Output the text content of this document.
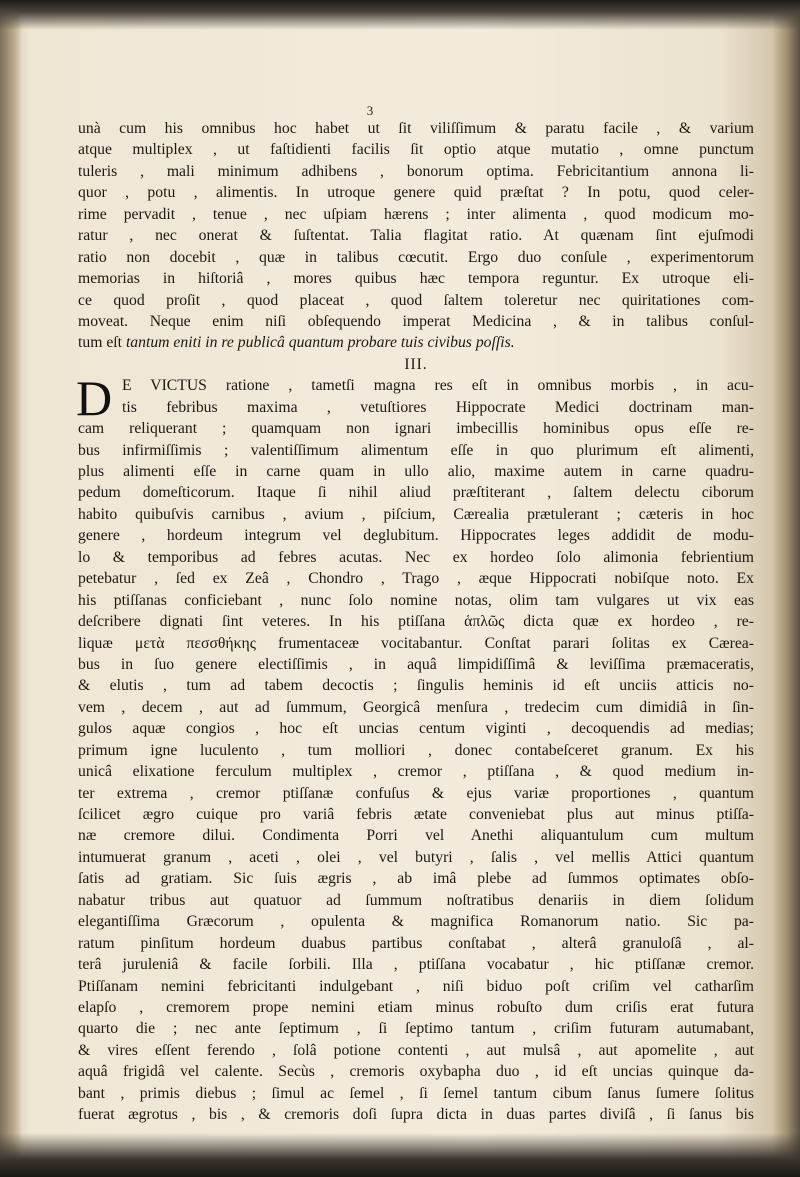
3
unà cum his omnibus hoc habet ut ſit viliſſimum & paratu facile , & varium
atque multiplex , ut faſtidienti facilis ſit optio atque mutatio , omne punctum
tuleris , mali minimum adhibens , bonorum optima. Febricitantium annona li-
quor , potu , alimentis. In utroque genere quid præſtat ? In potu, quod celer-
rime pervadit , tenue , nec uſpiam hærens ; inter alimenta , quod modicum mo-
ratur , nec onerat & ſuſtentat. Talia flagitat ratio. At quænam ſint ejuſmodi
ratio non docebit , quæ in talibus cœcutit. Ergo duo conſule , experimentorum
memorias in hiſtoriâ , mores quibus hæc tempora reguntur. Ex utroque eli-
ce quod proſit , quod placeat , quod ſaltem toleretur nec quiritationes com-
moveat. Neque enim niſi obſequendo imperat Medicina , & in talibus conſul-
tum eſt tantum eniti in re publicâ quantum probare tuis civibus poſſis.
III.
D E VICTUS ratione , tametſi magna res eſt in omnibus morbis , in acu-
tis febribus maxima , vetuſtiores Hippocrate Medici doctrinam man-
cam reliquerant ; quamquam non ignari imbecillis hominibus opus eſſe re-
bus infirmiſſimis ; valentiſſimum alimentum eſſe in quo plurimum eſt alimenti,
plus alimenti eſſe in carne quam in ullo alio, maxime autem in carne quadru-
pedum domeſticorum. Itaque ſi nihil aliud præſtiterant , ſaltem delectu ciborum
habito quibuſvis carnibus , avium , piſcium, Cærealia prætulerant ; cæteris in hoc
genere , hordeum integrum vel deglubitum. Hippocrates leges addidit de modu-
lo & temporibus ad febres acutas. Nec ex hordeo ſolo alimonia febrientium
petebatur , ſed ex Zeâ , Chondro , Trago , æque Hippocrati nobiſque noto. Ex
his ptiſſanas conficiebant , nunc ſolo nomine notas, olim tam vulgares ut vix eas
deſcribere dignati ſint veteres. In his ptiſſana ἁπλῶς dicta quæ ex hordeo , re-
liquæ μετὰ πεσσθήκης frumentaceæ vocitabantur. Conſtat parari ſolitas ex Cærea-
bus in ſuo genere electiſſimis , in aquâ limpidiſſimâ & leviſſima præmaceratis,
& elutis , tum ad tabem decoctis ; ſingulis heminis id eſt unciis atticis no-
vem , decem , aut ad ſummum, Georgicâ menſura , tredecim cum dimidiâ in ſin-
gulos aquæ congios , hoc eſt uncias centum viginti , decoquendis ad medias;
primum igne luculento , tum molliori , donec contabeſceret granum. Ex his
unicâ elixatione ferculum multiplex , cremor , ptiſſana , & quod medium in-
ter extrema , cremor ptiſſanæ confuſus & ejus variæ proportiones , quantum
ſcilicet ægro cuique pro variâ febris ætate conveniebat plus aut minus ptiſſa-
næ cremore dilui. Condimenta Porri vel Anethi aliquantulum cum multum
intumuerat granum , aceti , olei , vel butyri , ſalis , vel mellis Attici quantum
ſatis ad gratiam. Sic ſuis ægris , ab imâ plebe ad ſummos optimates obſo-
nabatur tribus aut quatuor ad ſummum noſtratibus denariis in diem ſolidum
elegantiſſima Græcorum , opulenta & magnifica Romanorum natio. Sic pa-
ratum pinſitum hordeum duabus partibus conſtabat , alterâ granuloſâ , al-
terâ juruleniâ & facile ſorbili. Illa , ptiſſana vocabatur , hic ptiſſanæ cremor.
Ptiſſanam nemini febricitanti indulgebant , niſi biduo poſt criſim vel catharſim
elapſo , cremorem prope nemini etiam minus robuſto dum criſis erat futura
quarto die ; nec ante ſeptimum , ſi ſeptimo tantum , criſim futuram autumabant,
& vires eſſent ferendo , ſolâ potione contenti , aut mulsâ , aut apomelite , aut
aquâ frigidâ vel calente. Secùs , cremoris oxybapha duo , id eſt uncias quinque da-
bant , primis diebus ; ſimul ac ſemel , ſi ſemel tantum cibum ſanus ſumere ſolitus
fuerat ægrotus , bis , & cremoris doſi ſupra dicta in duas partes diviſâ , ſi ſanus bis
